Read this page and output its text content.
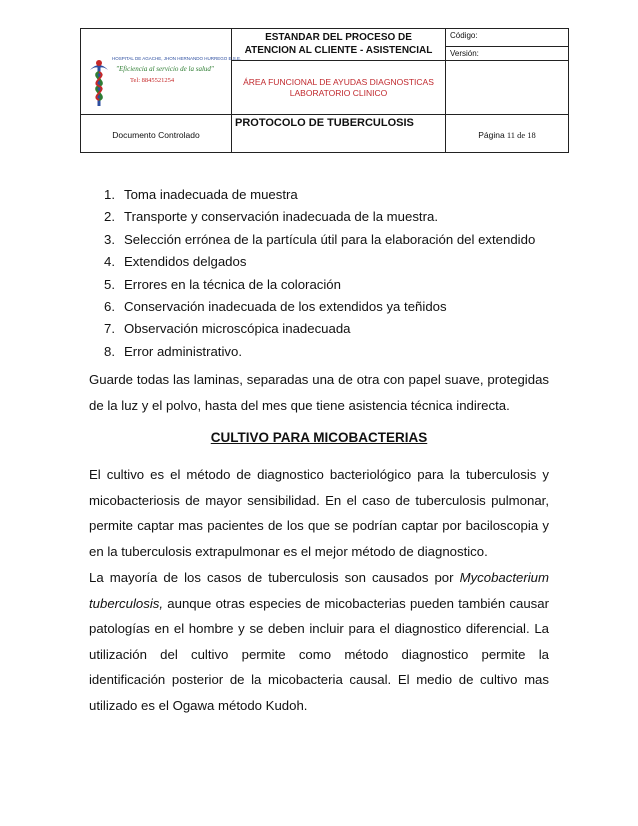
	ESTANDAR DEL PROCESO DE
ATENCION AL CLIENTE - ASISTENCIAL	Código:
		Versión:

	ÁREA FUNCIONAL DE AYUDAS DIAGNOSTICAS
LABORATORIO CLINICO	

Documento Controlado	PROTOCOLO DE TUBERCULOSIS	Página 11 de 18
HOSPITAL DE AGACHE, JHON HERNANDO HURREGO E.S.E.
"Eficiencia al servicio de la salud"
Tel: 8845521254
1. Toma inadecuada de muestra
2. Transporte y conservación inadecuada de la muestra.
3. Selección errónea de la partícula útil para la elaboración del extendido
4. Extendidos delgados
5. Errores en la técnica de la coloración
6. Conservación inadecuada de los extendidos ya teñidos
7. Observación microscópica inadecuada
8. Error administrativo.

Guarde todas las laminas, separadas una de otra con papel suave, protegidas de la luz y el polvo, hasta del mes que tiene asistencia técnica indirecta.

CULTIVO PARA MICOBACTERIAS

El cultivo es el método de diagnostico bacteriológico para la tuberculosis y micobacteriosis de mayor sensibilidad. En el caso de tuberculosis pulmonar, permite captar mas pacientes de los que se podrían captar por baciloscopia y en la tuberculosis extrapulmonar es el mejor método de diagnostico.

La mayoría de los casos de tuberculosis son causados por Mycobacterium tuberculosis, aunque otras especies de micobacterias pueden también causar patologías en el hombre y se deben incluir para el diagnostico diferencial. La utilización del cultivo permite como método diagnostico permite la identificación posterior de la micobacteria causal. El medio de cultivo mas utilizado es el Ogawa método Kudoh.
